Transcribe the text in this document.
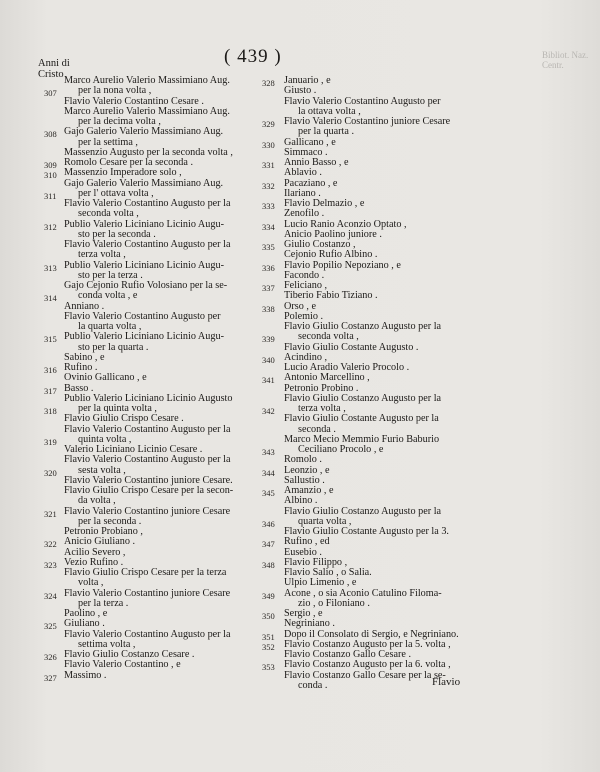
( 439 )
Anni di Cristo
Bibliot. Naz. Centr.
Marco Aurelio Valerio Massimiano Aug.
307	per la nona volta ,
Flavio Valerio Costantino Cesare .
Marco Aurelio Valerio Massimiano Aug.
per la decima volta ,
308 Gajo Galerio Valerio Massimiano Aug.
per la settima ,
Massenzio Augusto per la seconda volta ,
309 Romolo Cesare per la seconda .
310 Massenzio Imperadore solo ,
Gajo Galerio Valerio Massimiano Aug.
311	per l' ottava volta ,
Flavio Valerio Costantino Augusto per la
seconda volta ,
312 Publio Valerio Liciniano Licinio Augu-
sto per la seconda .
Flavio Valerio Costantino Augusto per la
terza volta ,
313 Publio Valerio Liciniano Licinio Augu-
sto per la terza .
Gajo Cejonio Rufio Volosiano per la se-
314	conda volta , e
Anniano .
Flavio Valerio Costantino Augusto per
la quarta volta ,
315 Publio Valerio Liciniano Licinio Augu-
sto per la quarta .
Sabino , e
316 Rufino .
Ovinio Gallicano , e
317 Basso .
Publio Valerio Liciniano Licinio Augusto
318	per la quinta volta ,
Flavio Giulio Crispo Cesare .
Flavio Valerio Costantino Augusto per la
319	quinta volta ,
Valerio Liciniano Licinio Cesare .
Flavio Valerio Costantino Augusto per la
320	sesta volta ,
Flavio Valerio Costantino juniore Cesare.
Flavio Giulio Crispo Cesare per la secon-
da volta ,
321 Flavio Valerio Costantino juniore Cesare
per la seconda .
Petronio Probiano ,
322 Anicio Giuliano .
Acilio Severo ,
323 Vezio Rufino .
Flavio Giulio Crispo Cesare per la terza
volta ,
324 Flavio Valerio Costantino juniore Cesare
per la terza .
Paolino , e
325 Giuliano .
Flavio Valerio Costantino Augusto per la
settima volta ,
326 Flavio Giulio Costanzo Cesare .
Flavio Valerio Costantino , e
327 Massimo .
328 Januario , e
Giusto .
Flavio Valerio Costantino Augusto per
la ottava volta ,
329 Flavio Valerio Costantino juniore Cesare
per la quarta .
330 Gallicano , e
Simmaco .
331 Annio Basso , e
Ablavio .
332 Pacaziano , e
Ilariano .
333 Flavio Delmazio , e
Zenofilo .
334 Lucio Ranio Aconzio Optato ,
Anicio Paolino juniore .
335 Giulio Costanzo ,
Cejonio Rufio Albino .
336 Flavio Popilio Nepoziano , e
Facondo .
337 Feliciano ,
Tiberio Fabio Tiziano .
338 Orso , e
Polemio .
Flavio Giulio Costanzo Augusto per la
339	seconda volta ,
Flavio Giulio Costante Augusto .
340 Acindino ,
Lucio Aradio Valerio Procolo .
341 Antonio Marcellino ,
Petronio Probino .
Flavio Giulio Costanzo Augusto per la
342	terza volta ,
Flavio Giulio Costante Augusto per la
seconda .
Marco Mecio Memmio Furio Baburio
343	Ceciliano Procolo , e
Romolo .
344 Leonzio , e
Sallustio .
345 Amanzio , e
Albino .
Flavio Giulio Costanzo Augusto per la
346	quarta volta ,
Flavio Giulio Costante Augusto per la 3.
347 Rufino , ed
Eusebio .
348 Flavio Filippo ,
Flavio Salio , o Salia.
Ulpio Limenio , e
349 Acone , o sia Aconio Catulino Filoma-
zio , o Filoniano .
350 Sergio , e
Negriniano .
351 Dopo il Consolato di Sergio, e Negriniano.
352 Flavio Costanzo Augusto per la 5. volta ,
Flavio Costanzo Gallo Cesare .
353 Flavio Costanzo Augusto per la 6. volta ,
Flavio Costanzo Gallo Cesare per la se-
conda .	Flavio
